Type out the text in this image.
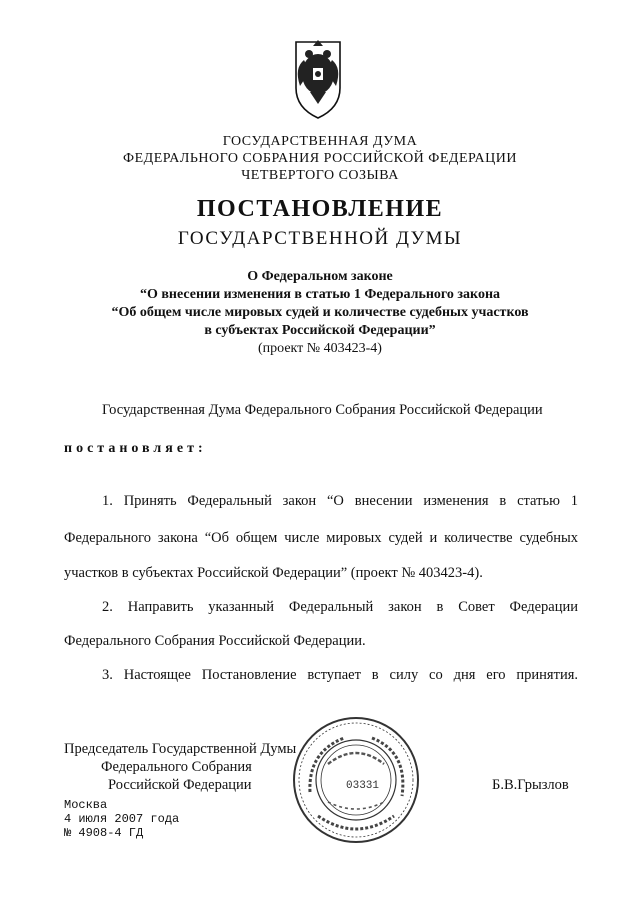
ГОСУДАРСТВЕННАЯ ДУМА
ФЕДЕРАЛЬНОГО СОБРАНИЯ РОССИЙСКОЙ ФЕДЕРАЦИИ
ЧЕТВЕРТОГО СОЗЫВА
ПОСТАНОВЛЕНИЕ
ГОСУДАРСТВЕННОЙ ДУМЫ
О Федеральном законе
“О внесении изменения в статью 1 Федерального закона
“Об общем числе мировых судей и количестве судебных участков
в субъектах Российской Федерации”
(проект № 403423-4)
Государственная Дума Федерального Собрания Российской Федерации
постановляет:
1. Принять Федеральный закон “О внесении изменения в статью 1
Федерального закона “Об общем числе мировых судей и количестве судебных
участков в субъектах Российской Федерации” (проект № 403423-4).
2. Направить указанный Федеральный закон в Совет Федерации
Федерального Собрания Российской Федерации.
3. Настоящее Постановление вступает в силу со дня его принятия.
03331
Председатель Государственной Думы
Федерального Собрания
Российской Федерации	Б.В.Грызлов
Москва
4 июля 2007 года
№ 4908-4 ГД
